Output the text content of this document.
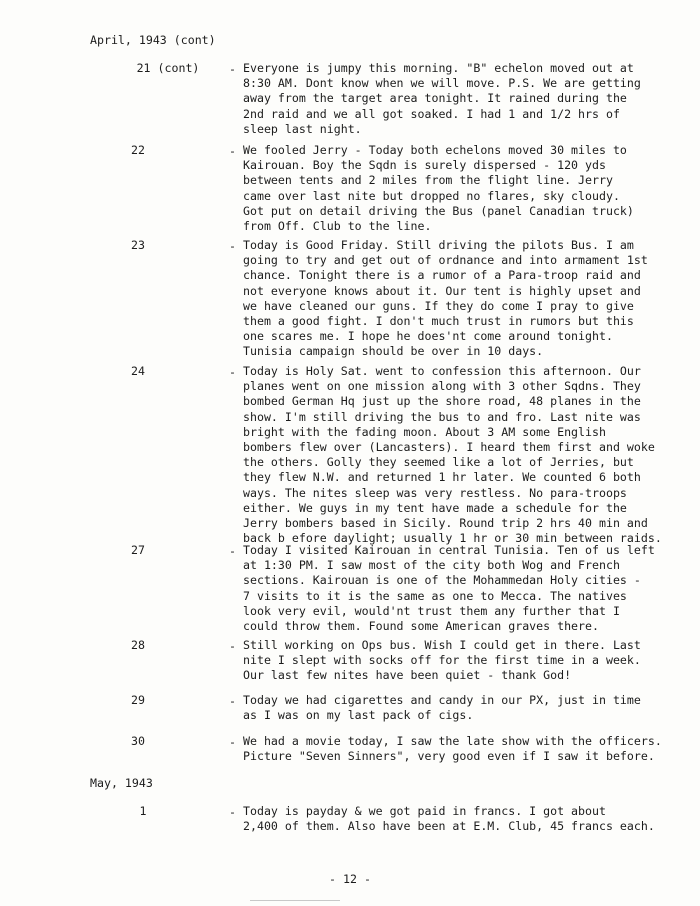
April, 1943 (cont)
21 (cont)	- Everyone is jumpy this morning. "B" echelon moved out at
8:30 AM. Dont know when we will move. P.S. We are getting
away from the target area tonight. It rained during the
2nd raid and we all got soaked. I had 1 and 1/2 hrs of
sleep last night.
22	- We fooled Jerry - Today both echelons moved 30 miles to
Kairouan. Boy the Sqdn is surely dispersed - 120 yds
between tents and 2 miles from the flight line. Jerry
came over last nite but dropped no flares, sky cloudy.
Got put on detail driving the Bus (panel Canadian truck)
from Off. Club to the line.
23	- Today is Good Friday. Still driving the pilots Bus. I am
going to try and get out of ordnance and into armament 1st
chance. Tonight there is a rumor of a Para-troop raid and
not everyone knows about it. Our tent is highly upset and
we have cleaned our guns. If they do come I pray to give
them a good fight. I don't much trust in rumors but this
one scares me. I hope he does'nt come around tonight.
Tunisia campaign should be over in 10 days.
24	- Today is Holy Sat. went to confession this afternoon. Our
planes went on one mission along with 3 other Sqdns. They
bombed German Hq just up the shore road, 48 planes in the
show. I'm still driving the bus to and fro. Last nite was
bright with the fading moon. About 3 AM some English
bombers flew over (Lancasters). I heard them first and woke
the others. Golly they seemed like a lot of Jerries, but
they flew N.W. and returned 1 hr later. We counted 6 both
ways. The nites sleep was very restless. No para-troops
either. We guys in my tent have made a schedule for the
Jerry bombers based in Sicily. Round trip 2 hrs 40 min and
back b efore daylight; usually 1 hr or 30 min between raids.
27	- Today I visited Kairouan in central Tunisia. Ten of us left
at 1:30 PM. I saw most of the city both Wog and French
sections. Kairouan is one of the Mohammedan Holy cities -
7 visits to it is the same as one to Mecca. The natives
look very evil, would'nt trust them any further that I
could throw them. Found some American graves there.
28	- Still working on Ops bus. Wish I could get in there. Last
nite I slept with socks off for the first time in a week.
Our last few nites have been quiet - thank God!
29	- Today we had cigarettes and candy in our PX, just in time
as I was on my last pack of cigs.
30	- We had a movie today, I saw the late show with the officers.
Picture "Seven Sinners", very good even if I saw it before.
May, 1943
1	- Today is payday & we got paid in francs. I got about
2,400 of them. Also have been at E.M. Club, 45 francs each.
- 12 -
